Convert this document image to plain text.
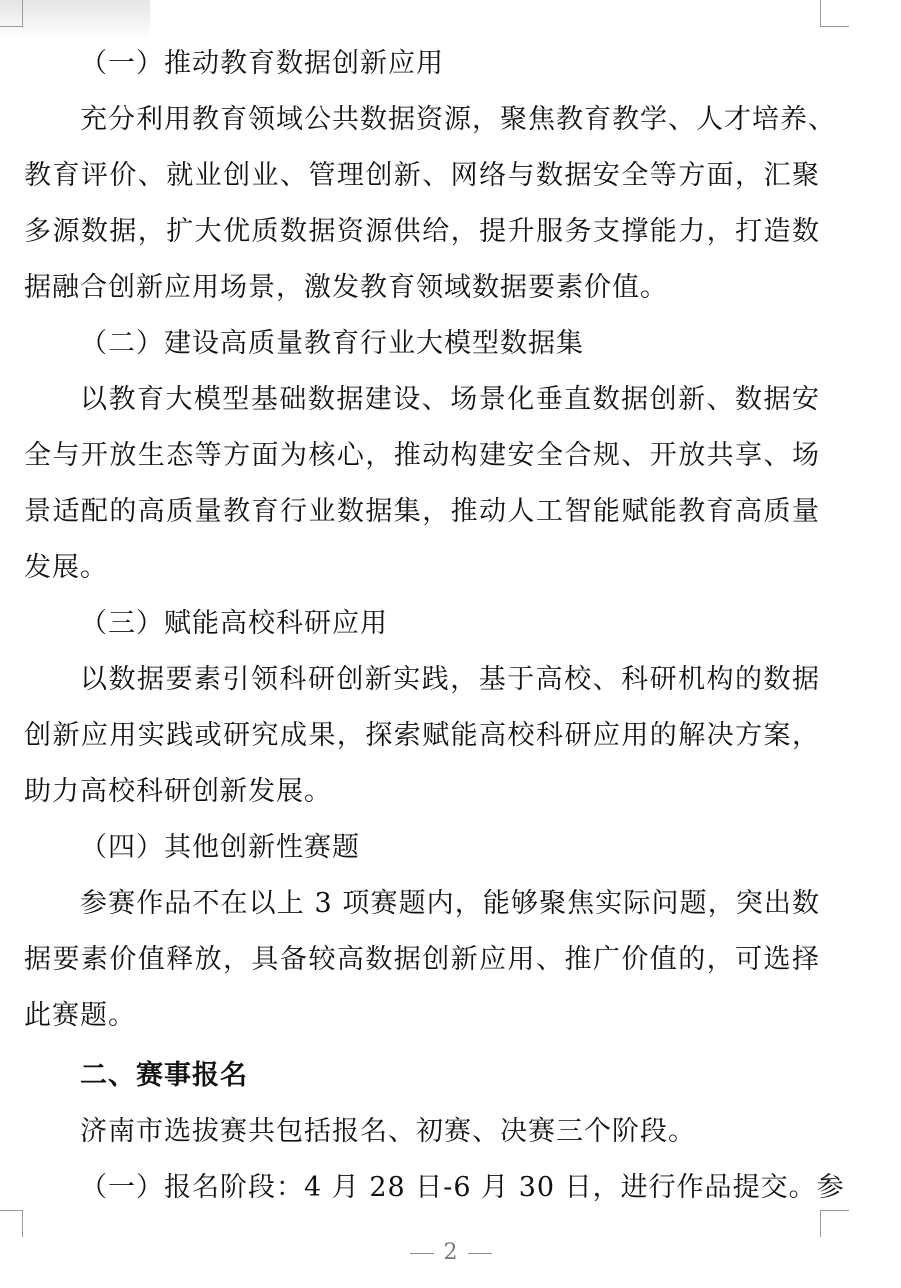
（一）推动教育数据创新应用
充分利用教育领域公共数据资源，聚焦教育教学、人才培养、
教育评价、就业创业、管理创新、网络与数据安全等方面，汇聚
多源数据，扩大优质数据资源供给，提升服务支撑能力，打造数
据融合创新应用场景，激发教育领域数据要素价值。
（二）建设高质量教育行业大模型数据集
以教育大模型基础数据建设、场景化垂直数据创新、数据安
全与开放生态等方面为核心，推动构建安全合规、开放共享、场
景适配的高质量教育行业数据集，推动人工智能赋能教育高质量
发展。
（三）赋能高校科研应用
以数据要素引领科研创新实践，基于高校、科研机构的数据
创新应用实践或研究成果，探索赋能高校科研应用的解决方案，
助力高校科研创新发展。
（四）其他创新性赛题
参赛作品不在以上 3 项赛题内，能够聚焦实际问题，突出数
据要素价值释放，具备较高数据创新应用、推广价值的，可选择
此赛题。
二、赛事报名
济南市选拔赛共包括报名、初赛、决赛三个阶段。
（一）报名阶段：4 月 28 日-6 月 30 日，进行作品提交。参
2
